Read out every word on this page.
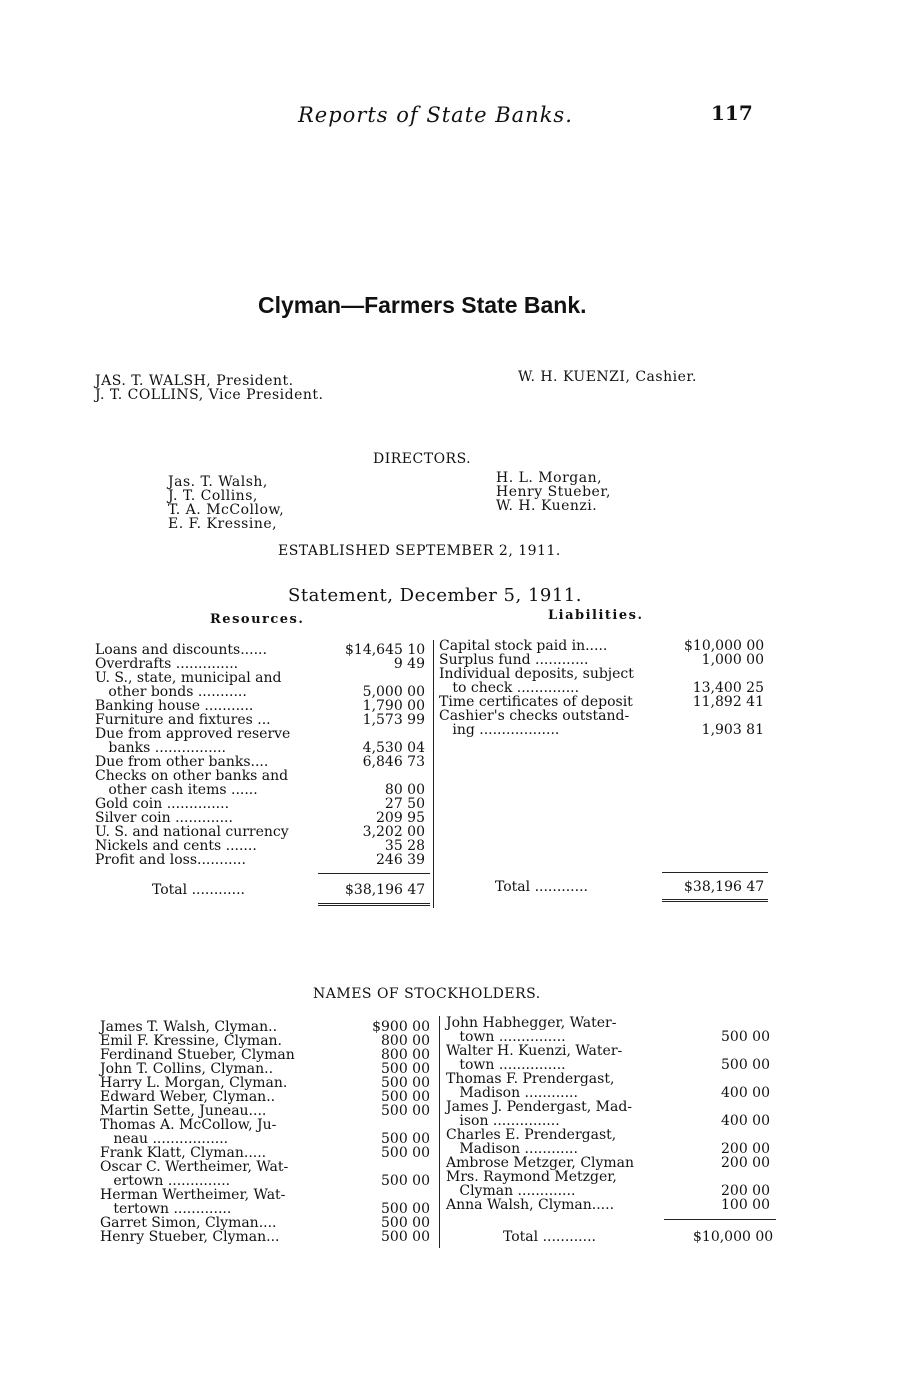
Reports of State Banks.	117
Clyman—Farmers State Bank.
JAS. T. WALSH, President.
J. T. COLLINS, Vice President.
W. H. KUENZI, Cashier.
DIRECTORS.
Jas. T. Walsh,
J. T. Collins,
T. A. McCollow,
E. F. Kressine,
H. L. Morgan,
Henry Stueber,
W. H. Kuenzi.
ESTABLISHED SEPTEMBER 2, 1911.
Statement, December 5, 1911.
Resources.	Liabilities.
Loans and discounts......	$14,645 10
Overdrafts ..............	9 49
U. S., state, municipal and
other bonds ...........	5,000 00
Banking house ...........	1,790 00
Furniture and fixtures ...	1,573 99
Due from approved reserve
banks ................	4,530 04
Due from other banks....	6,846 73
Checks on other banks and
other cash items ......	80 00
Gold coin ..............	27 50
Silver coin .............	209 95
U. S. and national currency	3,202 00
Nickels and cents .......	35 28
Profit and loss...........	246 39
Total ............	$38,196 47
Capital stock paid in.....	$10,000 00
Surplus fund ............	1,000 00
Individual deposits, subject
to check ..............	13,400 25
Time certificates of deposit	11,892 41
Cashier's checks outstand-
ing ..................	1,903 81
Total ............	$38,196 47
NAMES OF STOCKHOLDERS.
James T. Walsh, Clyman..	$900 00
Emil F. Kressine, Clyman.	800 00
Ferdinand Stueber, Clyman	800 00
John T. Collins, Clyman..	500 00
Harry L. Morgan, Clyman.	500 00
Edward Weber, Clyman..	500 00
Martin Sette, Juneau....	500 00
Thomas A. McCollow, Ju-
neau .................	500 00
Frank Klatt, Clyman.....	500 00
Oscar C. Wertheimer, Wat-
ertown ..............	500 00
Herman Wertheimer, Wat-
tertown .............	500 00
Garret Simon, Clyman....	500 00
Henry Stueber, Clyman...	500 00
John Habhegger, Water-
town ...............	500 00
Walter H. Kuenzi, Water-
town ...............	500 00
Thomas F. Prendergast,
Madison ............	400 00
James J. Pendergast, Mad-
ison ...............	400 00
Charles E. Prendergast,
Madison ............	200 00
Ambrose Metzger, Clyman	200 00
Mrs. Raymond Metzger,
Clyman .............	200 00
Anna Walsh, Clyman.....	100 00
Total ............	$10,000 00
